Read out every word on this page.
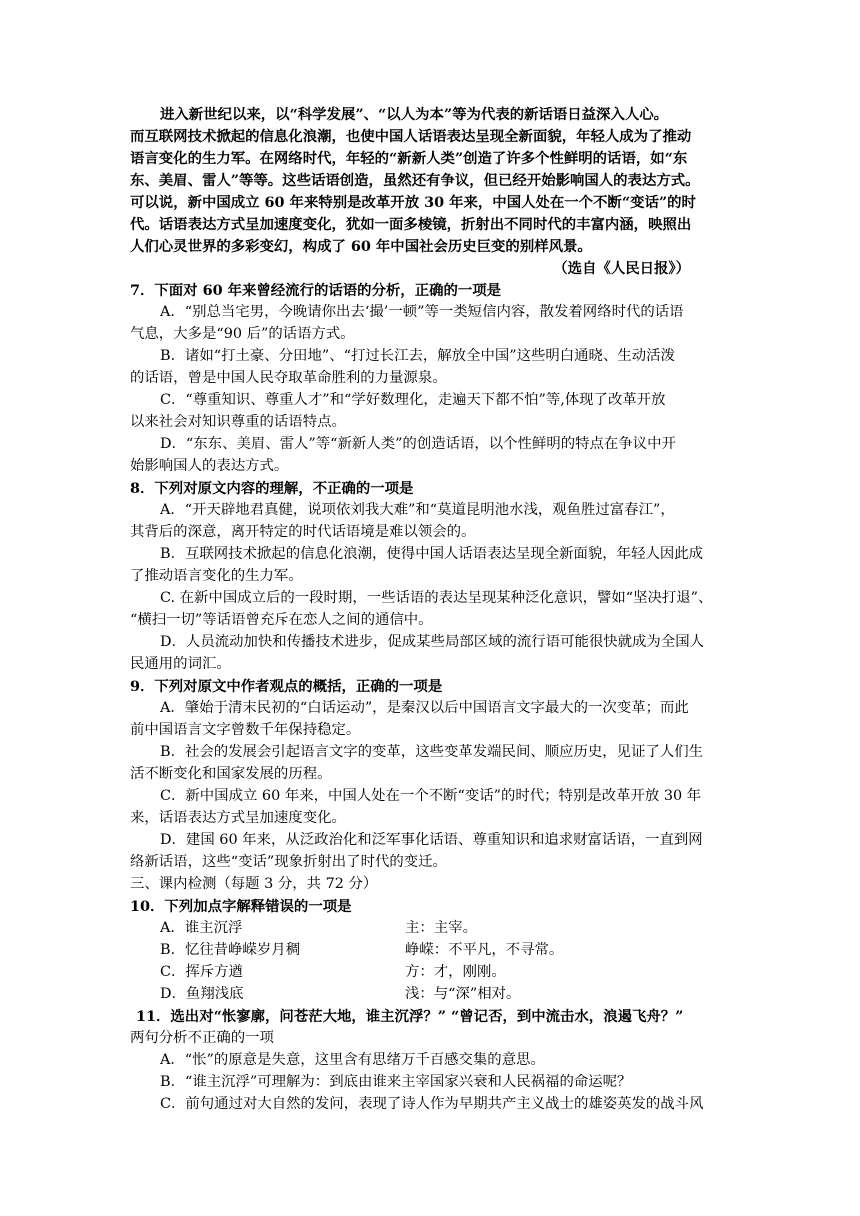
进入新世纪以来，以“科学发展”、“以人为本”等为代表的新话语日益深入人心。
而互联网技术掀起的信息化浪潮，也使中国人话语表达呈现全新面貌，年轻人成为了推动
语言变化的生力军。在网络时代，年轻的“新新人类”创造了许多个性鲜明的话语，如“东
东、美眉、雷人”等等。这些话语创造，虽然还有争议，但已经开始影响国人的表达方式。
可以说，新中国成立 60 年来特别是改革开放 30 年来，中国人处在一个不断“变话”的时
代。话语表达方式呈加速度变化，犹如一面多棱镜，折射出不同时代的丰富内涵，映照出
人们心灵世界的多彩变幻，构成了 60 年中国社会历史巨变的别样风景。
（选自《人民日报》）
7．下面对 60 年来曾经流行的话语的分析，正确的一项是
A．“别总当宅男，今晚请你出去‘撮’一顿”等一类短信内容，散发着网络时代的话语
气息，大多是“90 后”的话语方式。
B．诸如“打土豪、分田地”、“打过长江去，解放全中国”这些明白通晓、生动活泼
的话语，曾是中国人民夺取革命胜利的力量源泉。
C．“尊重知识、尊重人才”和“学好数理化，走遍天下都不怕”等,体现了改革开放
以来社会对知识尊重的话语特点。
D．“东东、美眉、雷人”等“新新人类”的创造话语，以个性鲜明的特点在争议中开
始影响国人的表达方式。
8．下列对原文内容的理解，不正确的一项是
A．“开天辟地君真健，说项依刘我大难”和“莫道昆明池水浅，观鱼胜过富春江”，
其背后的深意，离开特定的时代话语境是难以领会的。
B．互联网技术掀起的信息化浪潮，使得中国人话语表达呈现全新面貌，年轻人因此成
了推动语言变化的生力军。
C. 在新中国成立后的一段时期，一些话语的表达呈现某种泛化意识，譬如“坚决打退”、
“横扫一切”等话语曾充斥在恋人之间的通信中。
D．人员流动加快和传播技术进步，促成某些局部区域的流行语可能很快就成为全国人
民通用的词汇。
9．下列对原文中作者观点的概括，正确的一项是
A．肇始于清末民初的“白话运动”，是秦汉以后中国语言文字最大的一次变革；而此
前中国语言文字曾数千年保持稳定。
B．社会的发展会引起语言文字的变革，这些变革发端民间、顺应历史，见证了人们生
活不断变化和国家发展的历程。
C．新中国成立 60 年来，中国人处在一个不断“变话”的时代；特别是改革开放 30 年
来，话语表达方式呈加速度变化。
D．建国 60 年来，从泛政治化和泛军事化话语、尊重知识和追求财富话语，一直到网
络新话语，这些“变话”现象折射出了时代的变迁。
三、课内检测（每题 3 分，共 72 分）
10．下列加点字解释错误的一项是
A．谁主沉浮	主：主宰。
B．忆往昔峥嵘岁月稠	峥嵘：不平凡，不寻常。
C．挥斥方遒	方：才，刚刚。
D．鱼翔浅底	浅：与“深”相对。
11．选出对“怅寥廓，问苍茫大地，谁主沉浮？” “曾记否，到中流击水，浪遏飞舟？”
两句分析不正确的一项
A．“怅”的原意是失意，这里含有思绪万千百感交集的意思。
B．“谁主沉浮”可理解为：到底由谁来主宰国家兴衰和人民祸福的命运呢？
C．前句通过对大自然的发问，表现了诗人作为早期共产主义战士的雄姿英发的战斗风
